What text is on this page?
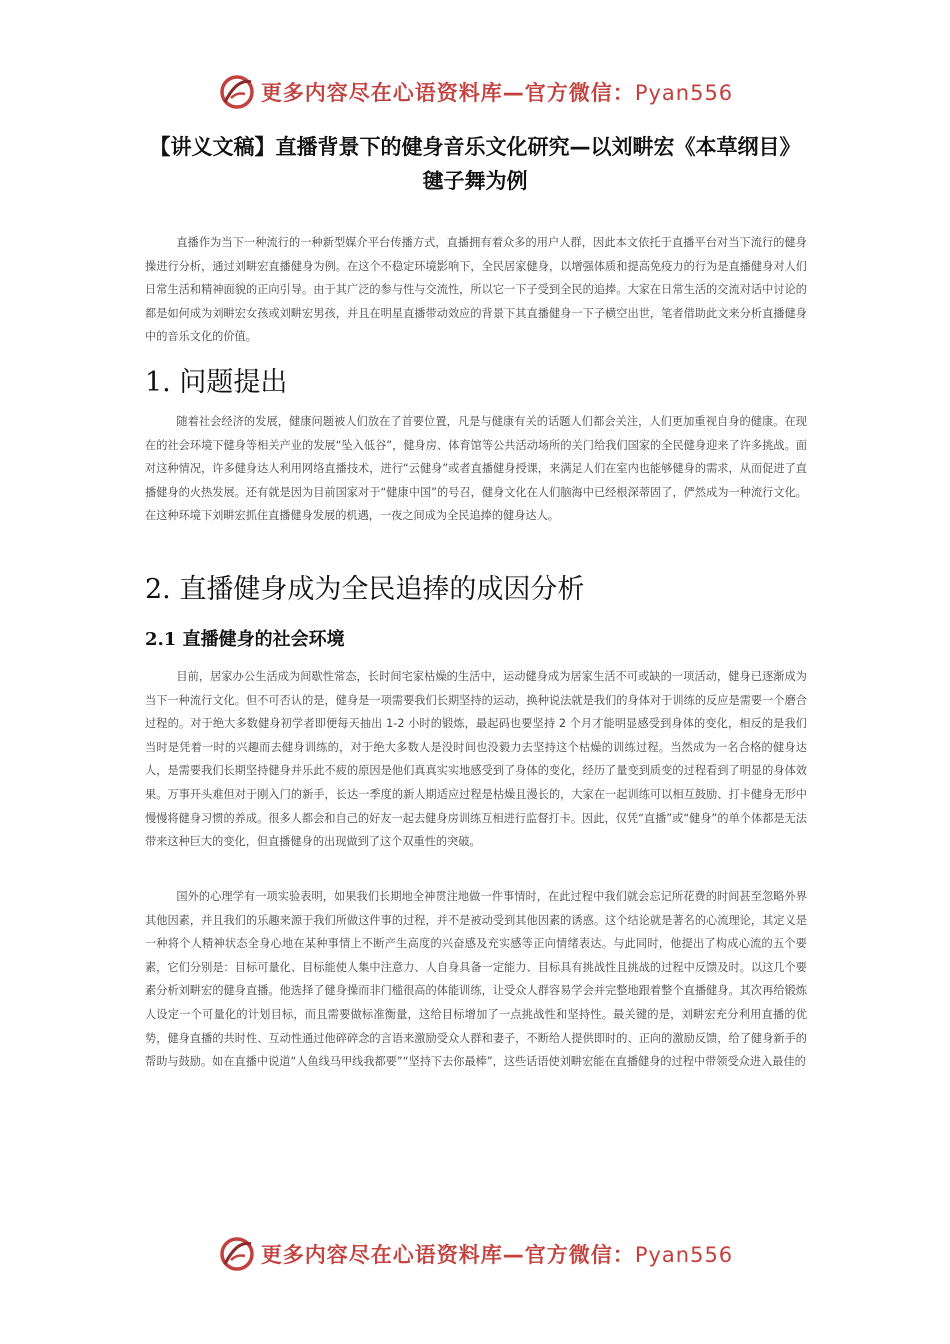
更多内容尽在心语资料库—官方微信：Pyan556
【讲义文稿】直播背景下的健身音乐文化研究—以刘畊宏《本草纲目》
毽子舞为例

直播作为当下一种流行的一种新型媒介平台传播方式，直播拥有着众多的用户人群，因此本文依托于直播平台对当下流行的健身操进行分析，通过刘畊宏直播健身为例。在这个不稳定环境影响下，全民居家健身，以增强体质和提高免疫力的行为是直播健身对人们日常生活和精神面貌的正向引导。由于其广泛的参与性与交流性，所以它一下子受到全民的追捧。大家在日常生活的交流对话中讨论的都是如何成为刘畊宏女孩或刘畊宏男孩，并且在明星直播带动效应的背景下其直播健身一下子横空出世，笔者借助此文来分析直播健身中的音乐文化的价值。

1. 问题提出

随着社会经济的发展，健康问题被人们放在了首要位置，凡是与健康有关的话题人们都会关注，人们更加重视自身的健康。在现在的社会环境下健身等相关产业的发展“坠入低谷”，健身房、体育馆等公共活动场所的关门给我们国家的全民健身迎来了许多挑战。面对这种情况，许多健身达人利用网络直播技术，进行“云健身”或者直播健身授课，来满足人们在室内也能够健身的需求，从而促进了直播健身的火热发展。还有就是因为目前国家对于“健康中国”的号召，健身文化在人们脑海中已经根深蒂固了，俨然成为一种流行文化。在这种环境下刘畊宏抓住直播健身发展的机遇，一夜之间成为全民追捧的健身达人。

2. 直播健身成为全民追捧的成因分析
2.1 直播健身的社会环境

目前，居家办公生活成为间歇性常态，长时间宅家枯燥的生活中，运动健身成为居家生活不可或缺的一项活动，健身已逐渐成为当下一种流行文化。但不可否认的是，健身是一项需要我们长期坚持的运动，换种说法就是我们的身体对于训练的反应是需要一个磨合过程的。对于绝大多数健身初学者即便每天抽出 1-2 小时的锻炼，最起码也要坚持 2 个月才能明显感受到身体的变化，相反的是我们当时是凭着一时的兴趣而去健身训练的，对于绝大多数人是没时间也没毅力去坚持这个枯燥的训练过程。当然成为一名合格的健身达人，是需要我们长期坚持健身并乐此不疲的原因是他们真真实实地感受到了身体的变化，经历了量变到质变的过程看到了明显的身体效果。万事开头难但对于刚入门的新手，长达一季度的新人期适应过程是枯燥且漫长的，大家在一起训练可以相互鼓励、打卡健身无形中慢慢将健身习惯的养成。很多人都会和自己的好友一起去健身房训练互相进行监督打卡。因此，仅凭“直播”或“健身”的单个体都是无法带来这种巨大的变化，但直播健身的出现做到了这个双重性的突破。

国外的心理学有一项实验表明，如果我们长期地全神贯注地做一件事情时，在此过程中我们就会忘记所花费的时间甚至忽略外界其他因素，并且我们的乐趣来源于我们所做这件事的过程，并不是被动受到其他因素的诱惑。这个结论就是著名的心流理论，其定义是一种将个人精神状态全身心地在某种事情上不断产生高度的兴奋感及充实感等正向情绪表达。与此同时，他提出了构成心流的五个要素，它们分别是：目标可量化、目标能使人集中注意力、人自身具备一定能力、目标具有挑战性且挑战的过程中反馈及时。以这几个要素分析刘畊宏的健身直播。他选择了健身操而非门槛很高的体能训练，让受众人群容易学会并完整地跟着整个直播健身。其次再给锻炼人设定一个可量化的计划目标，而且需要做标准衡量，这给目标增加了一点挑战性和坚持性。最关键的是，刘畊宏充分利用直播的优势，健身直播的共时性、互动性通过他碎碎念的言语来激励受众人群和妻子，不断给人提供即时的、正向的激励反馈，给了健身新手的帮助与鼓励。如在直播中说道“人鱼线马甲线我都要”“坚持下去你最棒”，这些话语使刘畊宏能在直播健身的过程中带领受众进入最佳的

更多内容尽在心语资料库—官方微信：Pyan556
